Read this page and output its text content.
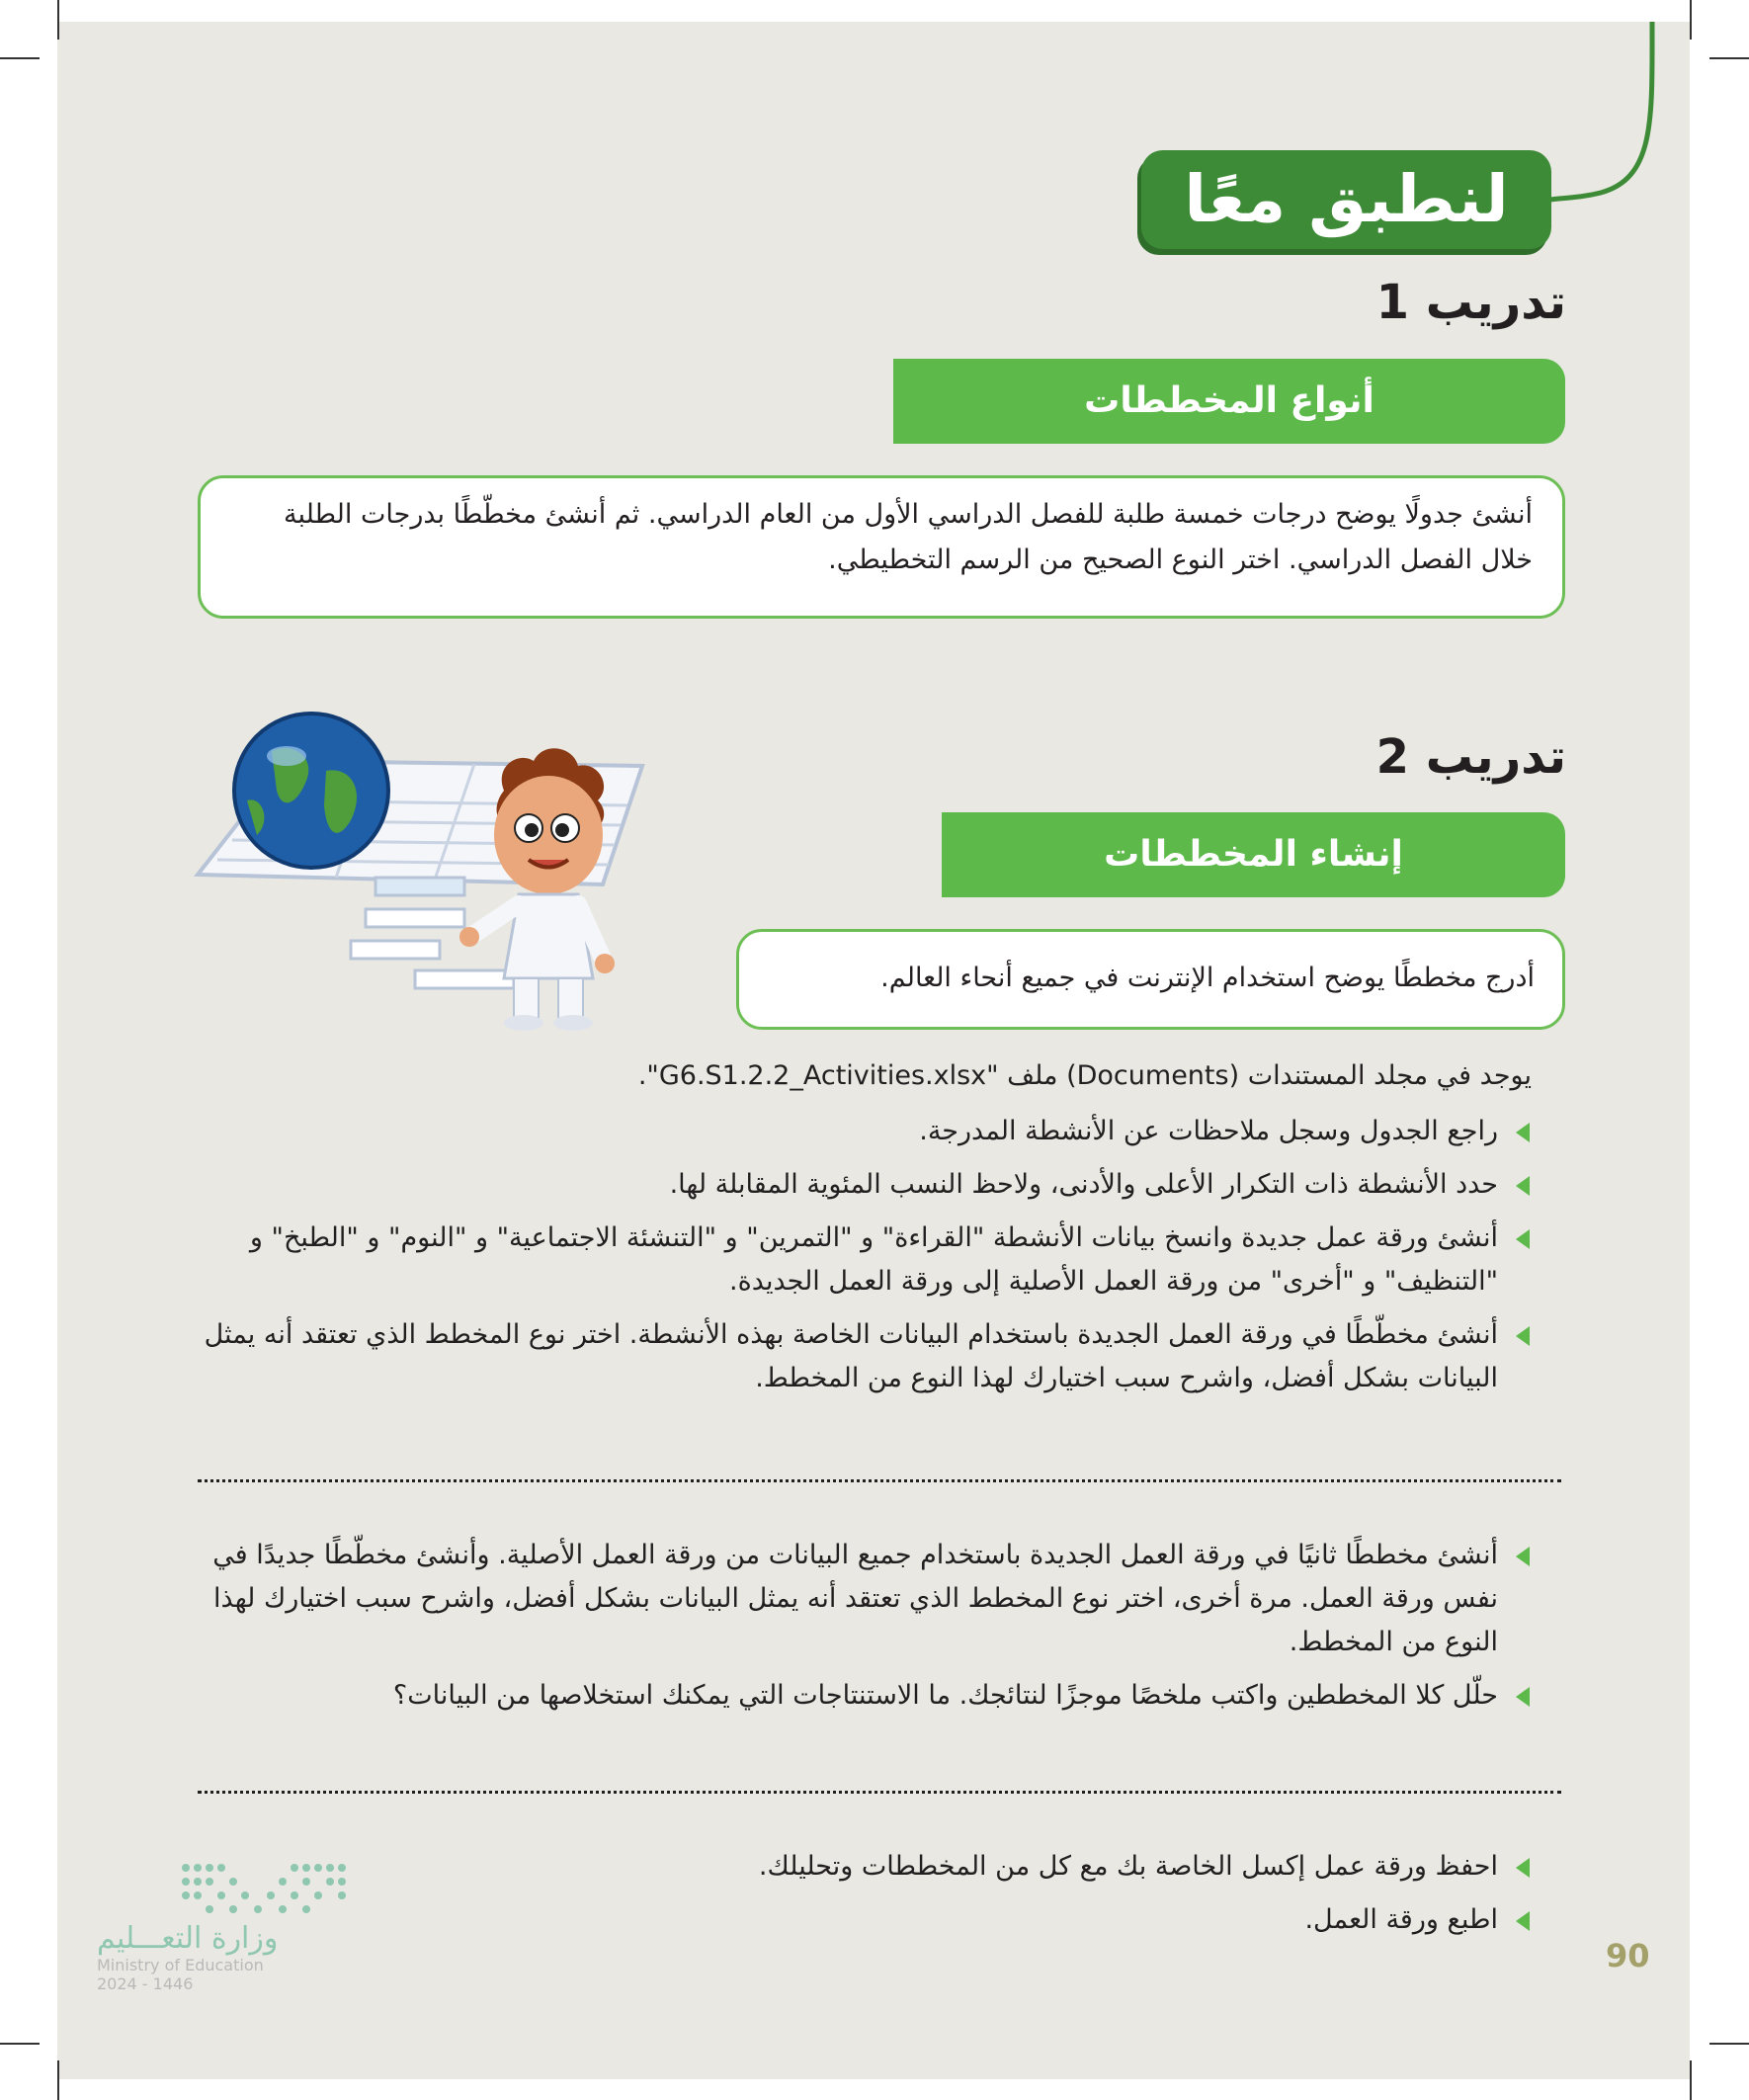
لنطبق معًا
تدريب 1
أنواع المخططات
أنشئ جدولًا يوضح درجات خمسة طلبة للفصل الدراسي الأول من العام الدراسي. ثم أنشئ مخطّطًا بدرجات الطلبة خلال الفصل الدراسي. اختر النوع الصحيح من الرسم التخطيطي.
تدريب 2
إنشاء المخططات
أدرج مخططًا يوضح استخدام الإنترنت في جميع أنحاء العالم.
يوجد في مجلد المستندات (Documents) ملف "G6.S1.2.2_Activities.xlsx".
راجع الجدول وسجل ملاحظات عن الأنشطة المدرجة.
حدد الأنشطة ذات التكرار الأعلى والأدنى، ولاحظ النسب المئوية المقابلة لها.
أنشئ ورقة عمل جديدة وانسخ بيانات الأنشطة "القراءة" و "التمرين" و "التنشئة الاجتماعية" و "النوم" و "الطبخ" و "التنظيف" و "أخرى" من ورقة العمل الأصلية إلى ورقة العمل الجديدة.
أنشئ مخطّطًا في ورقة العمل الجديدة باستخدام البيانات الخاصة بهذه الأنشطة. اختر نوع المخطط الذي تعتقد أنه يمثل البيانات بشكل أفضل، واشرح سبب اختيارك لهذا النوع من المخطط.
أنشئ مخططًا ثانيًا في ورقة العمل الجديدة باستخدام جميع البيانات من ورقة العمل الأصلية. وأنشئ مخطّطًا جديدًا في نفس ورقة العمل. مرة أخرى، اختر نوع المخطط الذي تعتقد أنه يمثل البيانات بشكل أفضل، واشرح سبب اختيارك لهذا النوع من المخطط.
حلّل كلا المخططين واكتب ملخصًا موجزًا لنتائجك. ما الاستنتاجات التي يمكنك استخلاصها من البيانات؟
احفظ ورقة عمل إكسل الخاصة بك مع كل من المخططات وتحليلك.
اطبع ورقة العمل.
90
وزارة التعـــليم
Ministry of Education
2024 - 1446
